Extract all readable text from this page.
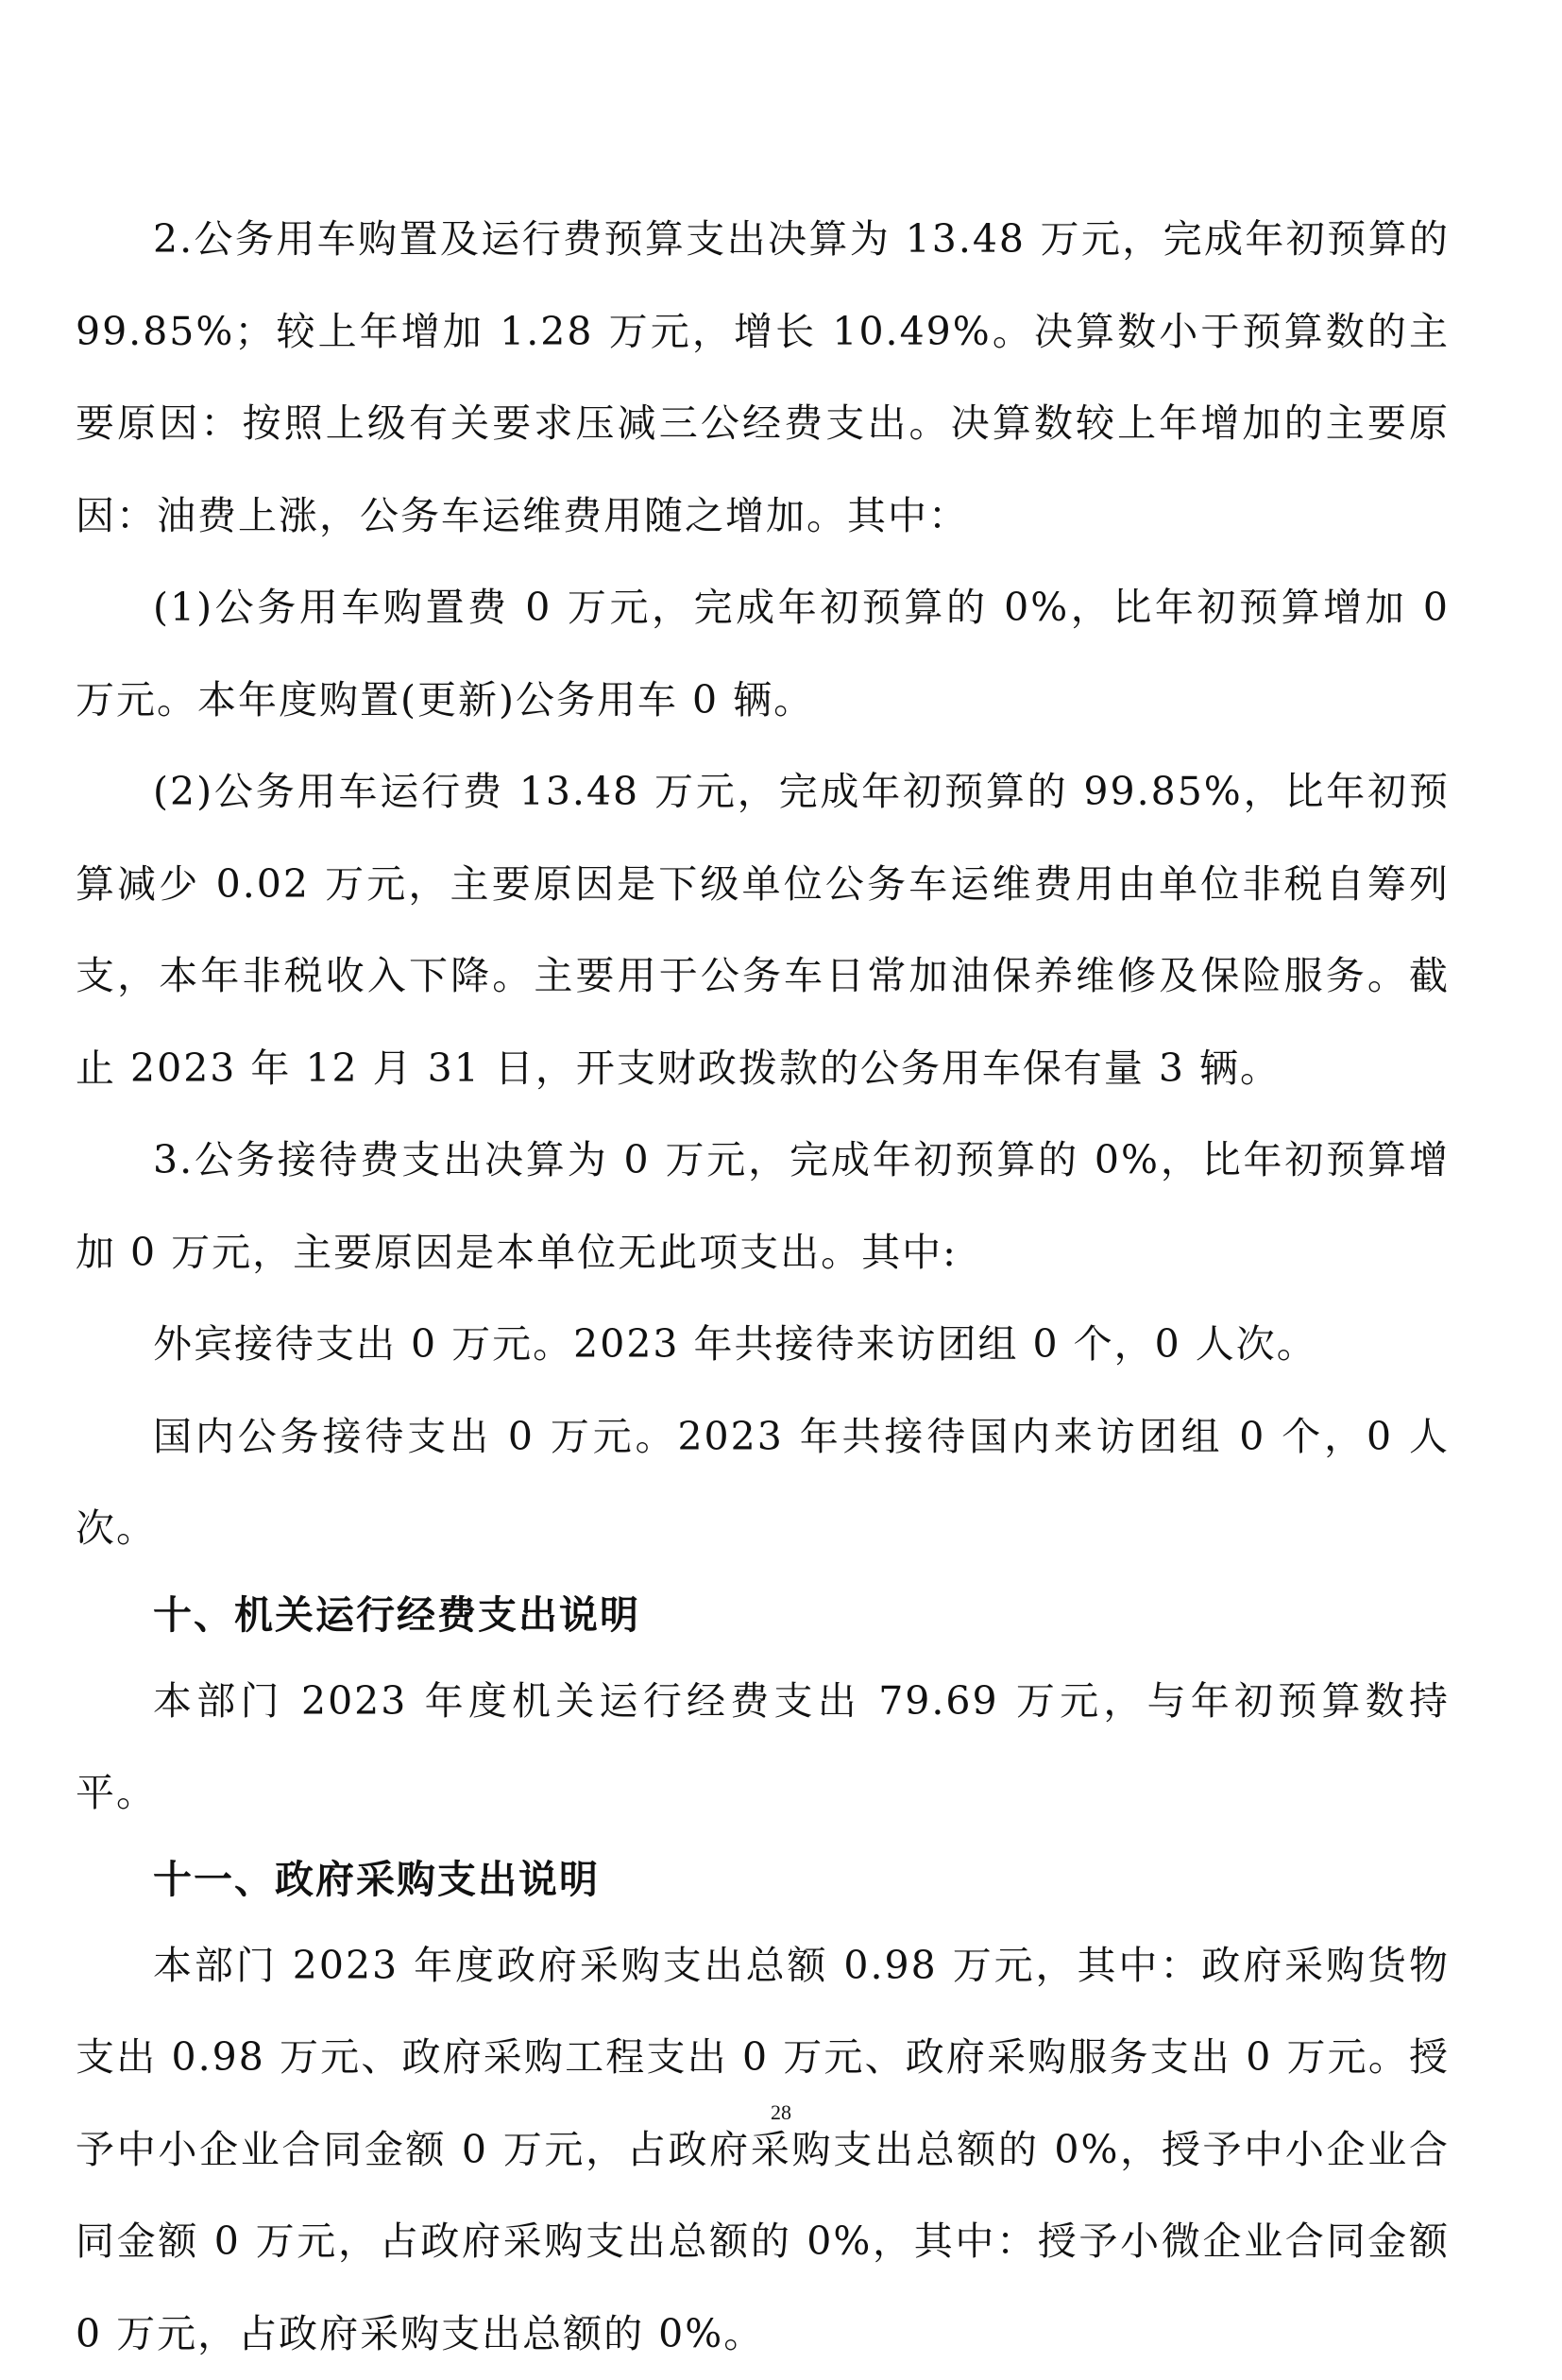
2.公务用车购置及运行费预算支出决算为 13.48 万元，完成年初预算的 99.85%；较上年增加 1.28 万元，增长 10.49%。决算数小于预算数的主要原因：按照上级有关要求压减三公经费支出。决算数较上年增加的主要原因：油费上涨，公务车运维费用随之增加。其中：

(1)公务用车购置费 0 万元，完成年初预算的 0%，比年初预算增加 0 万元。本年度购置(更新)公务用车 0 辆。

(2)公务用车运行费 13.48 万元，完成年初预算的 99.85%，比年初预算减少 0.02 万元，主要原因是下级单位公务车运维费用由单位非税自筹列支，本年非税收入下降。主要用于公务车日常加油保养维修及保险服务。截止 2023 年 12 月 31 日，开支财政拨款的公务用车保有量 3 辆。

3.公务接待费支出决算为 0 万元，完成年初预算的 0%，比年初预算增加 0 万元，主要原因是本单位无此项支出。其中:

外宾接待支出 0 万元。2023 年共接待来访团组 0 个，0 人次。

国内公务接待支出 0 万元。2023 年共接待国内来访团组 0 个，0 人次。

十、机关运行经费支出说明

本部门 2023 年度机关运行经费支出 79.69 万元，与年初预算数持平。

十一、政府采购支出说明

本部门 2023 年度政府采购支出总额 0.98 万元，其中：政府采购货物支出 0.98 万元、政府采购工程支出 0 万元、政府采购服务支出 0 万元。授予中小企业合同金额 0 万元，占政府采购支出总额的 0%，授予中小企业合同金额 0 万元，占政府采购支出总额的 0%，其中：授予小微企业合同金额 0 万元，占政府采购支出总额的 0%。

28
